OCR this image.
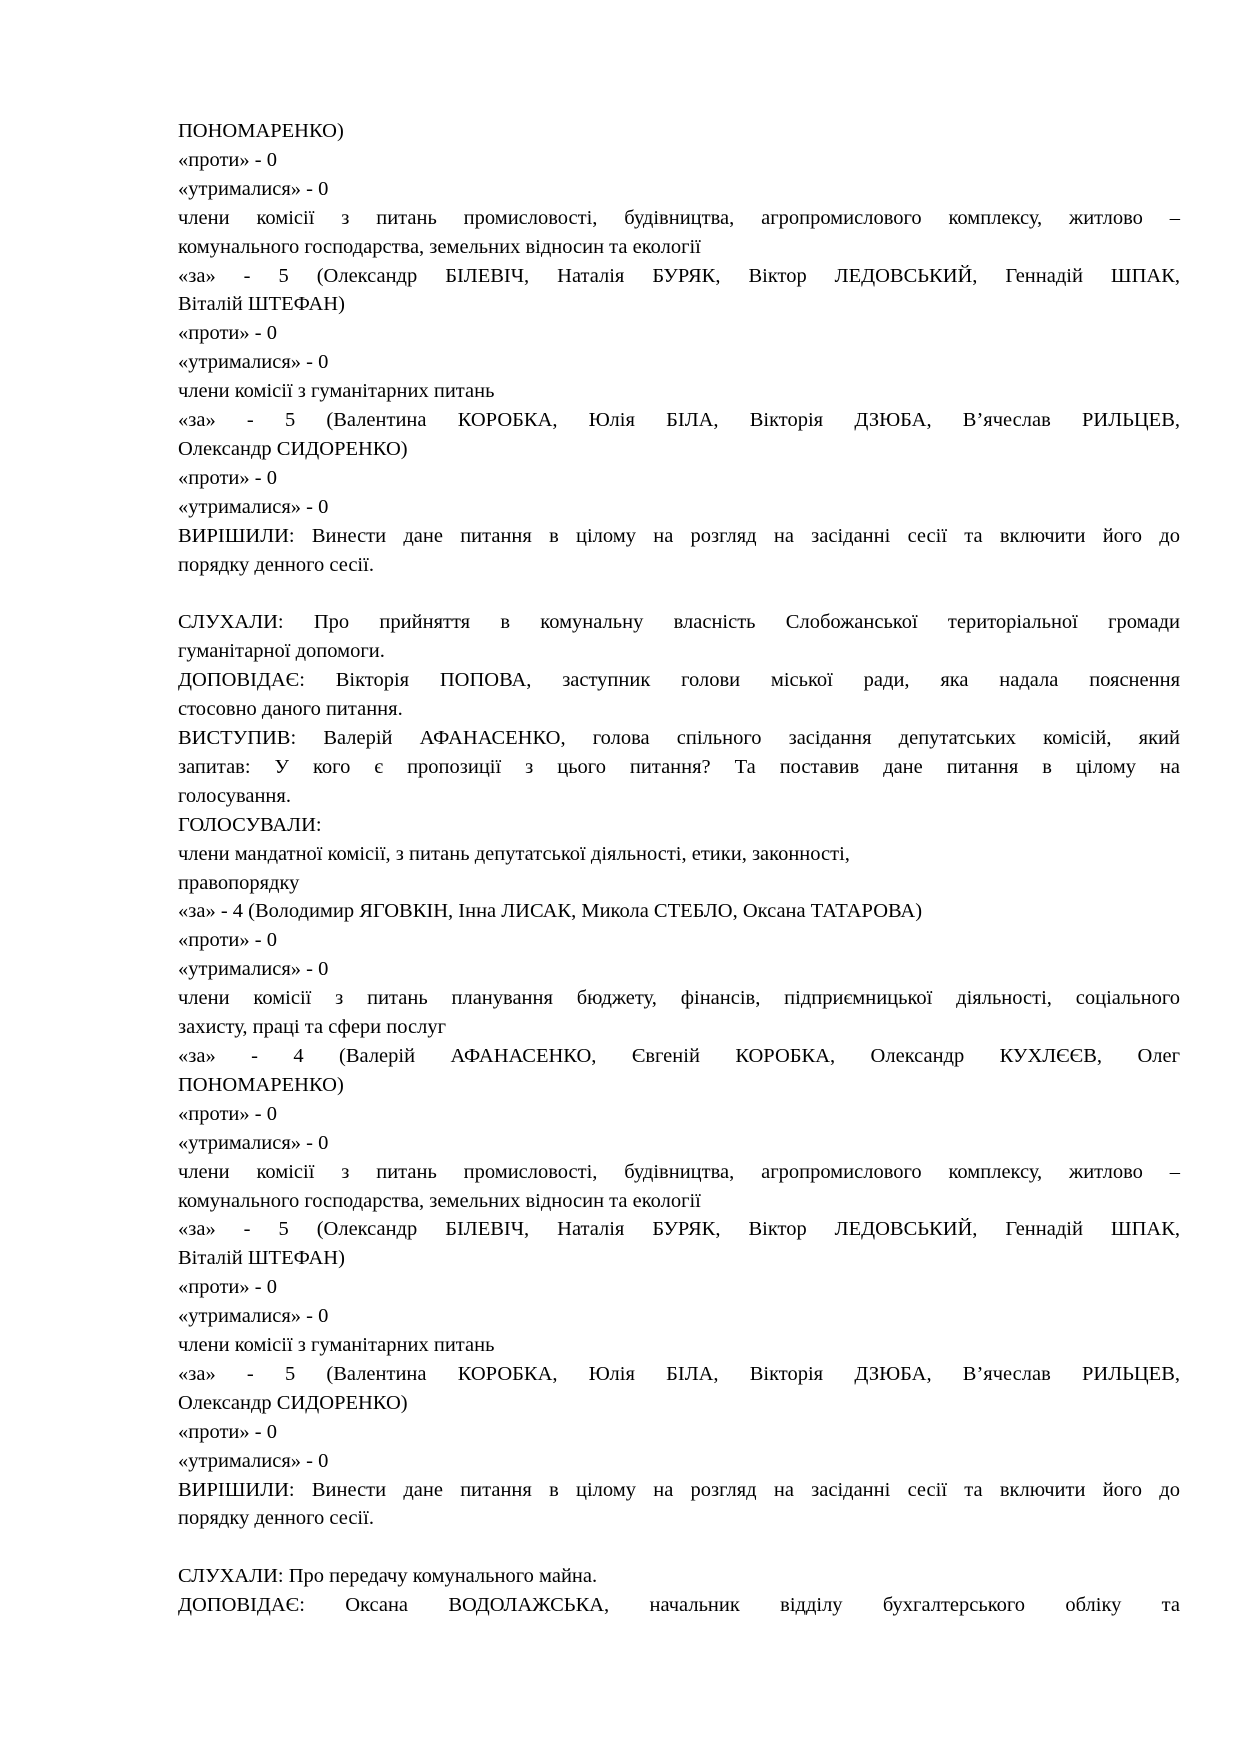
ПОНОМАРЕНКО)
«проти» - 0
«утрималися» - 0
члени комісії з питань промисловості, будівництва, агропромислового комплексу, житлово –
комунального господарства, земельних відносин та екології
«за» - 5 (Олександр БІЛЕВІЧ, Наталія БУРЯК, Віктор ЛЕДОВСЬКИЙ, Геннадій ШПАК,
Віталій ШТЕФАН)
«проти» - 0
«утрималися» - 0
члени комісії з гуманітарних питань
«за» - 5 (Валентина КОРОБКА, Юлія БІЛА, Вікторія ДЗЮБА, В’ячеслав РИЛЬЦЕВ,
Олександр СИДОРЕНКО)
«проти» - 0
«утрималися» - 0
ВИРІШИЛИ: Винести дане питання в цілому на розгляд на засіданні сесії та включити його до
порядку денного сесії.
СЛУХАЛИ: Про прийняття в комунальну власність Слобожанської територіальної громади
гуманітарної допомоги.
ДОПОВІДАЄ: Вікторія ПОПОВА, заступник голови міської ради, яка надала пояснення
стосовно даного питання.
ВИСТУПИВ: Валерій АФАНАСЕНКО, голова спільного засідання депутатських комісій, який
запитав: У кого є пропозиції з цього питання? Та поставив дане питання в цілому на
голосування.
ГОЛОСУВАЛИ:
члени мандатної комісії, з питань депутатської діяльності, етики, законності,
правопорядку
«за» - 4 (Володимир ЯГОВКІН, Інна ЛИСАК, Микола СТЕБЛО, Оксана ТАТАРОВА)
«проти» - 0
«утрималися» - 0
члени комісії з питань планування бюджету, фінансів, підприємницької діяльності, соціального
захисту, праці та сфери послуг
«за» - 4 (Валерій АФАНАСЕНКО, Євгеній КОРОБКА, Олександр КУХЛЄЄВ, Олег
ПОНОМАРЕНКО)
«проти» - 0
«утрималися» - 0
члени комісії з питань промисловості, будівництва, агропромислового комплексу, житлово –
комунального господарства, земельних відносин та екології
«за» - 5 (Олександр БІЛЕВІЧ, Наталія БУРЯК, Віктор ЛЕДОВСЬКИЙ, Геннадій ШПАК,
Віталій ШТЕФАН)
«проти» - 0
«утрималися» - 0
члени комісії з гуманітарних питань
«за» - 5 (Валентина КОРОБКА, Юлія БІЛА, Вікторія ДЗЮБА, В’ячеслав РИЛЬЦЕВ,
Олександр СИДОРЕНКО)
«проти» - 0
«утрималися» - 0
ВИРІШИЛИ: Винести дане питання в цілому на розгляд на засіданні сесії та включити його до
порядку денного сесії.
СЛУХАЛИ: Про передачу комунального майна.
ДОПОВІДАЄ: Оксана ВОДОЛАЖСЬКА, начальник відділу бухгалтерського обліку та
